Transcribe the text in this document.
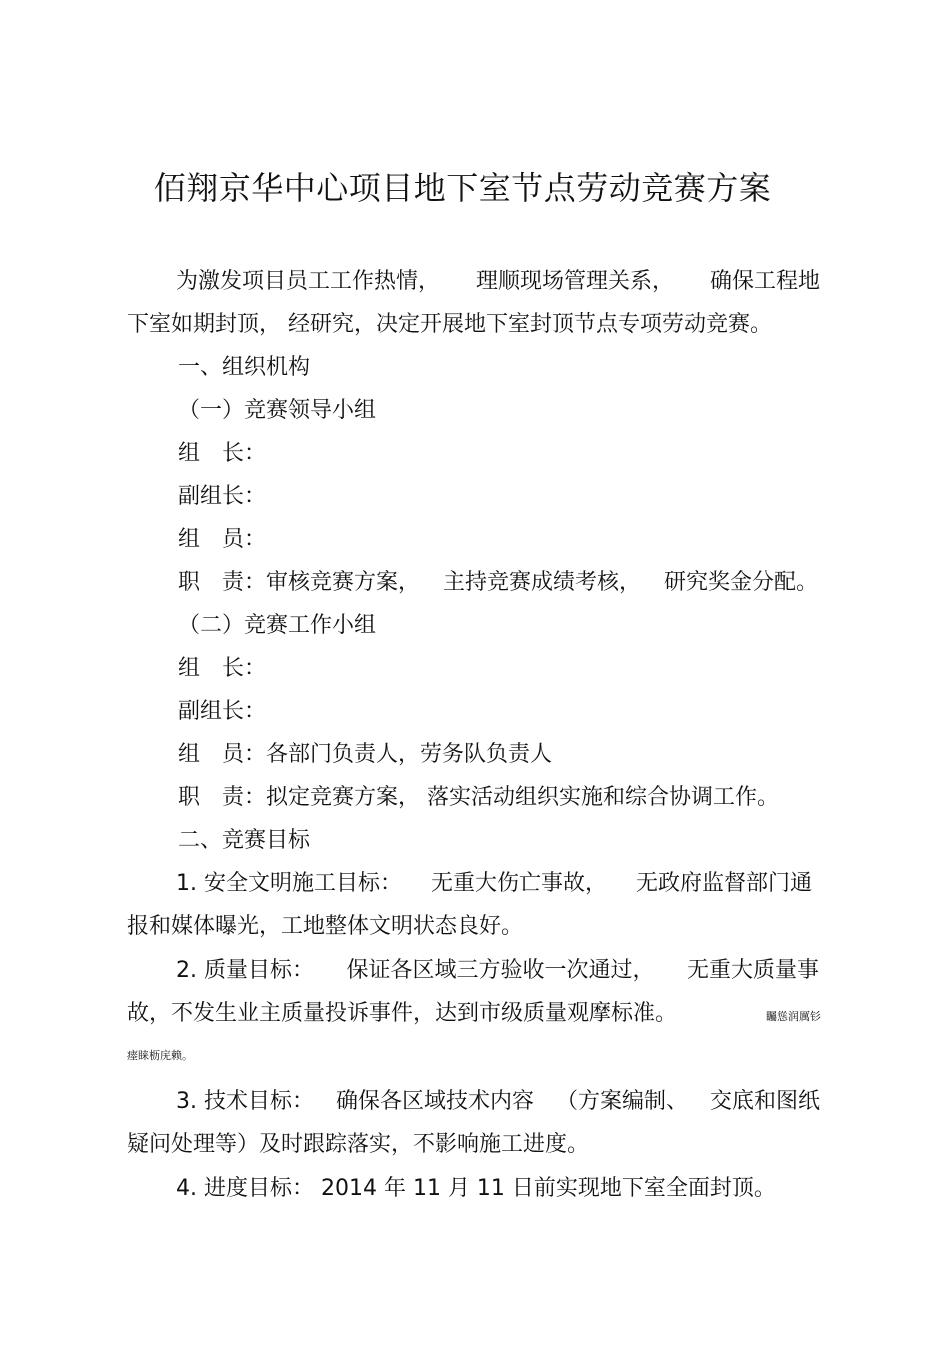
佰翔京华中心项目地下室节点劳动竞赛方案
为激发项目员工工作热情， 理顺现场管理关系， 确保工程地
下室如期封顶， 经研究，决定开展地下室封顶节点专项劳动竞赛。
一、组织机构
（一）竞赛领导小组
组　长：
副组长：
组　员：
职　责：审核竞赛方案， 主持竞赛成绩考核， 研究奖金分配。
（二）竞赛工作小组
组　长：
副组长：
组　员：各部门负责人，劳务队负责人
职　责：拟定竞赛方案， 落实活动组织实施和综合协调工作。
二、竞赛目标
1. 安全文明施工目标： 无重大伤亡事故， 无政府监督部门通
报和媒体曝光，工地整体文明状态良好。
2. 质量目标： 保证各区域三方验收一次通过， 无重大质量事
故，不发生业主质量投诉事件，达到市级质量观摩标准。	矚慫润厲钐
瘗睐枥庑赖。
3. 技术目标： 确保各区域技术内容 （方案编制、 交底和图纸
疑问处理等）及时跟踪落实，不影响施工进度。
4. 进度目标： 2014 年 11 月 11 日前实现地下室全面封顶。
